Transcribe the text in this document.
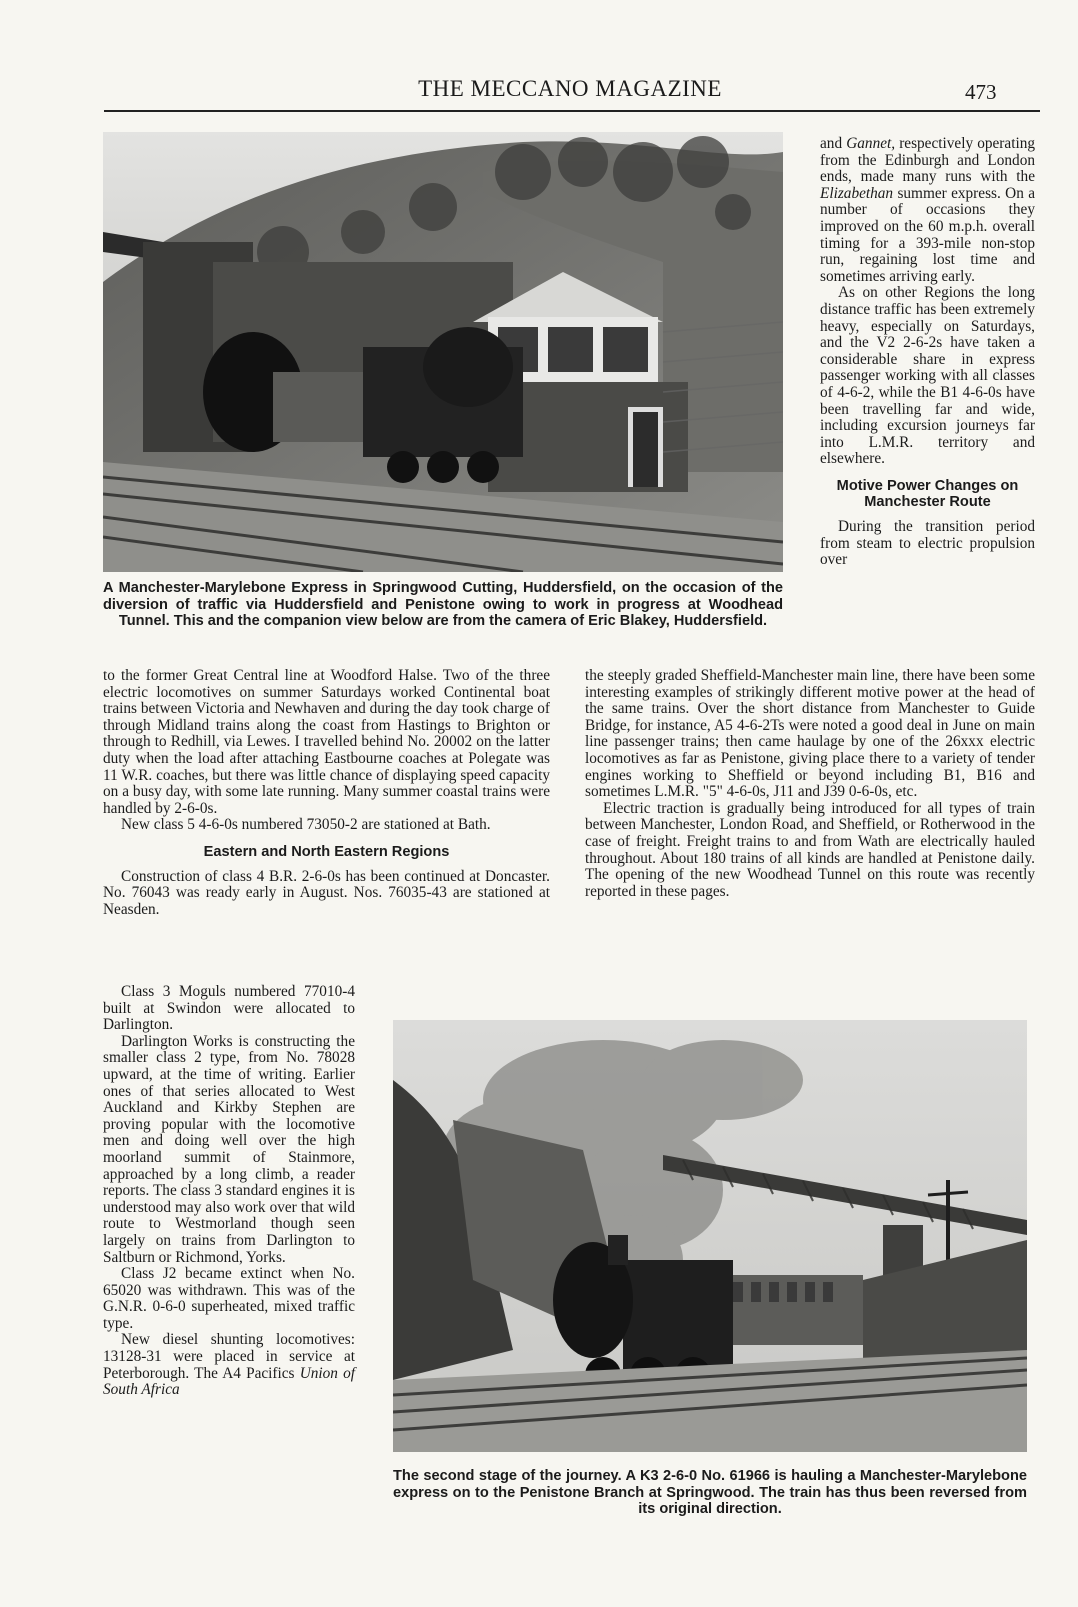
THE MECCANO MAGAZINE	473
A Manchester-Marylebone Express in Springwood Cutting, Huddersfield, on the occasion of the diversion of traffic via Huddersfield and Penistone owing to work in progress at Woodhead Tunnel. This and the companion view below are from the camera of Eric Blakey, Huddersfield.

and Gannet, respectively operating from the Edinburgh and London ends, made many runs with the Elizabethan summer express. On a number of occasions they improved on the 60 m.p.h. overall timing for a 393-mile non-stop run, regaining lost time and sometimes arriving early.

As on other Regions the long distance traffic has been extremely heavy, especially on Saturdays, and the V2 2-6-2s have taken a considerable share in express passenger working with all classes of 4-6-2, while the B1 4-6-0s have been travelling far and wide, including excursion journeys far into L.M.R. territory and elsewhere.

Motive Power Changes on Manchester Route

During the transition period from steam to electric propulsion over

to the former Great Central line at Woodford Halse. Two of the three electric locomotives on summer Saturdays worked Continental boat trains between Victoria and Newhaven and during the day took charge of through Midland trains along the coast from Hastings to Brighton or through to Redhill, via Lewes. I travelled behind No. 20002 on the latter duty when the load after attaching Eastbourne coaches at Polegate was 11 W.R. coaches, but there was little chance of displaying speed capacity on a busy day, with some late running. Many summer coastal trains were handled by 2-6-0s.

New class 5 4-6-0s numbered 73050-2 are stationed at Bath.

Eastern and North Eastern Regions

Construction of class 4 B.R. 2-6-0s has been continued at Doncaster. No. 76043 was ready early in August. Nos. 76035-43 are stationed at Neasden.

the steeply graded Sheffield-Manchester main line, there have been some interesting examples of strikingly different motive power at the head of the same trains. Over the short distance from Manchester to Guide Bridge, for instance, A5 4-6-2Ts were noted a good deal in June on main line passenger trains; then came haulage by one of the 26xxx electric locomotives as far as Penistone, giving place there to a variety of tender engines working to Sheffield or beyond including B1, B16 and sometimes L.M.R. "5" 4-6-0s, J11 and J39 0-6-0s, etc.

Electric traction is gradually being introduced for all types of train between Manchester, London Road, and Sheffield, or Rotherwood in the case of freight. Freight trains to and from Wath are electrically hauled throughout. About 180 trains of all kinds are handled at Penistone daily. The opening of the new Woodhead Tunnel on this route was recently reported in these pages.

Class 3 Moguls numbered 77010-4 built at Swindon were allocated to Darlington.

Darlington Works is constructing the smaller class 2 type, from No. 78028 upward, at the time of writing. Earlier ones of that series allocated to West Auckland and Kirkby Stephen are proving popular with the locomotive men and doing well over the high moorland summit of Stainmore, approached by a long climb, a reader reports. The class 3 standard engines it is understood may also work over that wild route to Westmorland though seen largely on trains from Darlington to Saltburn or Richmond, Yorks.

Class J2 became extinct when No. 65020 was withdrawn. This was of the G.N.R. 0-6-0 superheated, mixed traffic type.

New diesel shunting locomotives: 13128-31 were placed in service at Peterborough. The A4 Pacifics Union of South Africa

The second stage of the journey. A K3 2-6-0 No. 61966 is hauling a Manchester-Marylebone express on to the Penistone Branch at Springwood. The train has thus been reversed from its original direction.
